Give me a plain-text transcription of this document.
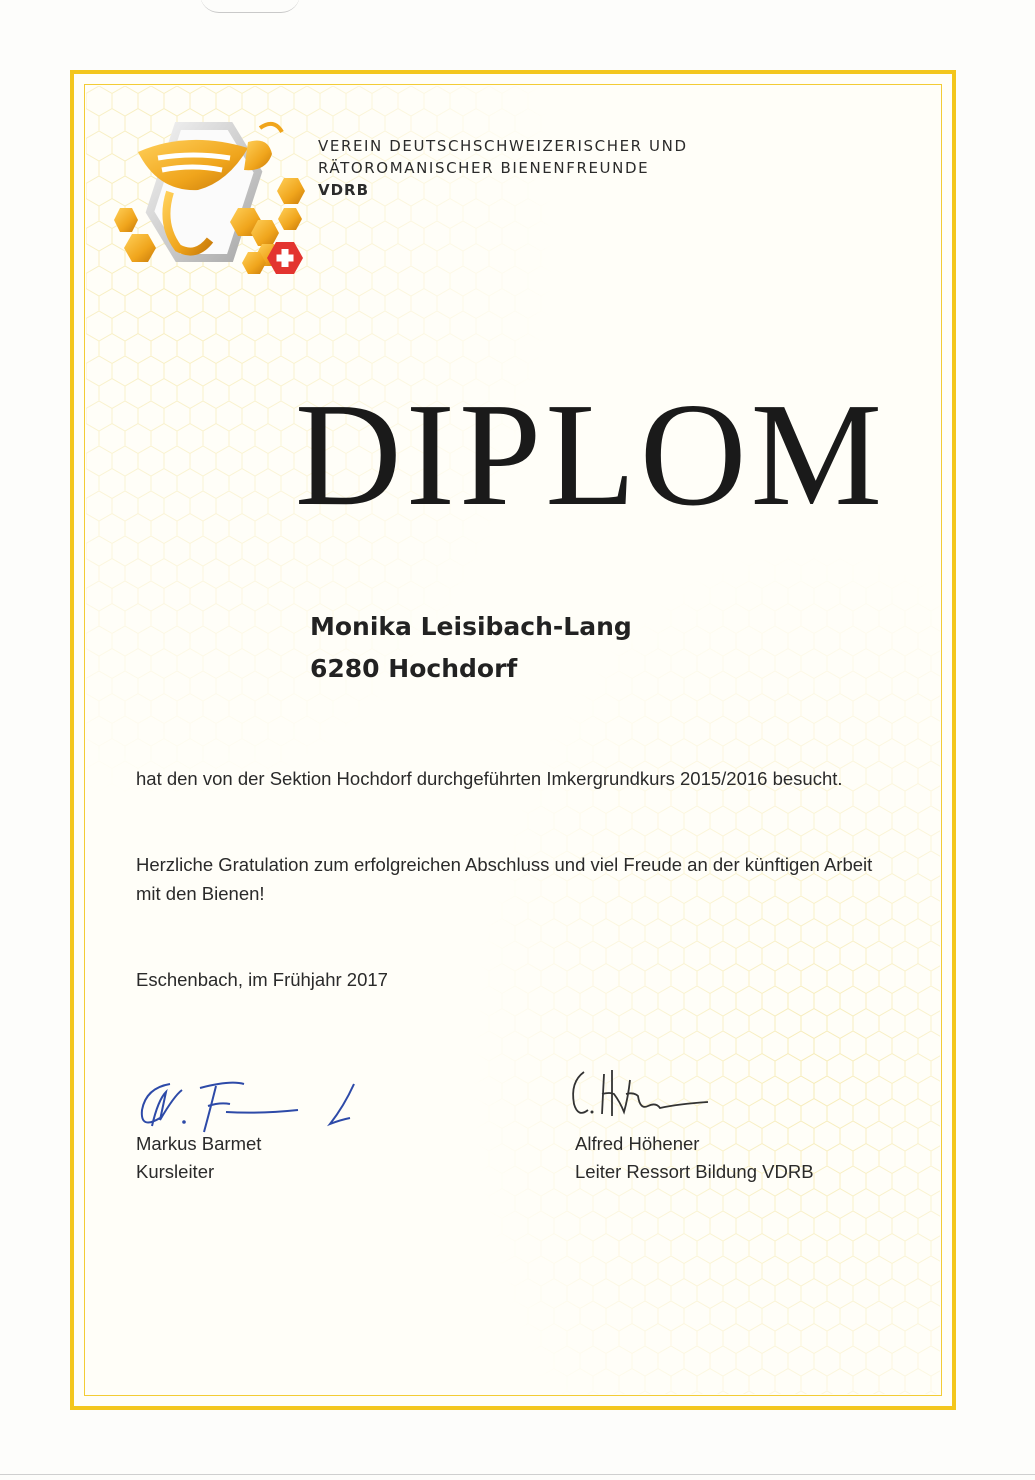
VEREIN DEUTSCHSCHWEIZERISCHER UND
RÄTOROMANISCHER BIENENFREUNDE
VDRB
DIPLOM
Monika Leisibach-Lang
6280 Hochdorf
hat den von der Sektion Hochdorf durchgeführten Imkergrundkurs 2015/2016 besucht.
Herzliche Gratulation zum erfolgreichen Abschluss und viel Freude an der künftigen Arbeit mit den Bienen!
Eschenbach, im Frühjahr 2017
Markus Barmet
Kursleiter
Alfred Höhener
Leiter Ressort Bildung VDRB
